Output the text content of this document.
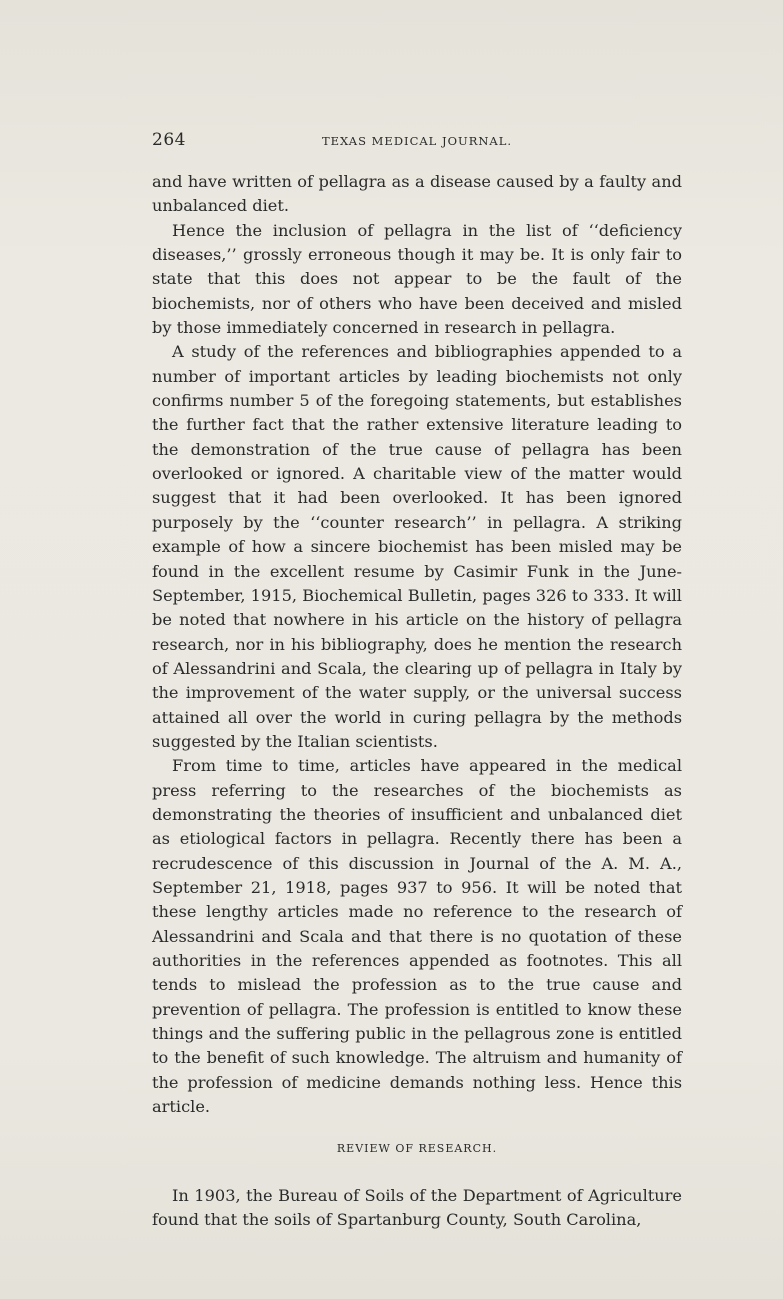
264	TEXAS MEDICAL JOURNAL.

and have written of pellagra as a disease caused by a faulty and unbalanced diet.

Hence the inclusion of pellagra in the list of ‘‘deficiency diseases,’’ grossly erroneous though it may be. It is only fair to state that this does not appear to be the fault of the biochemists, nor of others who have been deceived and misled by those immediately concerned in research in pellagra.

A study of the references and bibliographies appended to a number of important articles by leading biochemists not only confirms number 5 of the foregoing statements, but establishes the further fact that the rather extensive literature leading to the demonstration of the true cause of pellagra has been overlooked or ignored. A charitable view of the matter would suggest that it had been overlooked. It has been ignored purposely by the ‘‘counter research’’ in pellagra. A striking example of how a sincere biochemist has been misled may be found in the excellent resume by Casimir Funk in the June-September, 1915, Biochemical Bulletin, pages 326 to 333. It will be noted that nowhere in his article on the history of pellagra research, nor in his bibliography, does he mention the research of Alessandrini and Scala, the clearing up of pellagra in Italy by the improvement of the water supply, or the universal success attained all over the world in curing pellagra by the methods suggested by the Italian scientists.

From time to time, articles have appeared in the medical press referring to the researches of the biochemists as demonstrating the theories of insufficient and unbalanced diet as etiological factors in pellagra. Recently there has been a recrudescence of this discussion in Journal of the A. M. A., September 21, 1918, pages 937 to 956. It will be noted that these lengthy articles made no reference to the research of Alessandrini and Scala and that there is no quotation of these authorities in the references appended as footnotes. This all tends to mislead the profession as to the true cause and prevention of pellagra. The profession is entitled to know these things and the suffering public in the pellagrous zone is entitled to the benefit of such knowledge. The altruism and humanity of the profession of medicine demands nothing less. Hence this article.

REVIEW OF RESEARCH.

In 1903, the Bureau of Soils of the Department of Agriculture found that the soils of Spartanburg County, South Carolina,
